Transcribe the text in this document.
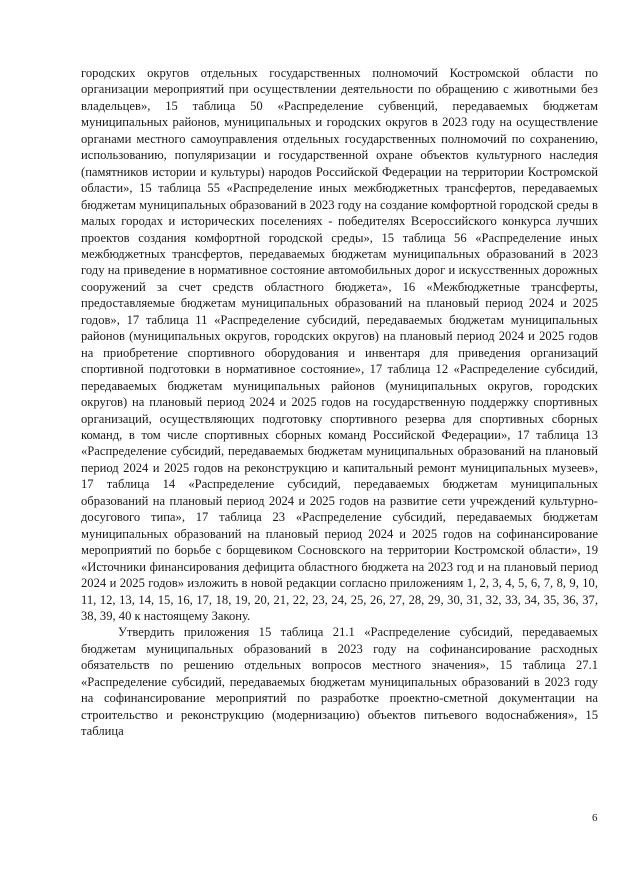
городских округов отдельных государственных полномочий Костромской области по организации мероприятий при осуществлении деятельности по обращению с животными без владельцев», 15 таблица 50 «Распределение субвенций, передаваемых бюджетам муниципальных районов, муниципальных и городских округов в 2023 году на осуществление органами местного самоуправления отдельных государственных полномочий по сохранению, использованию, популяризации и государственной охране объектов культурного наследия (памятников истории и культуры) народов Российской Федерации на территории Костромской области», 15 таблица 55 «Распределение иных межбюджетных трансфертов, передаваемых бюджетам муниципальных образований в 2023 году на создание комфортной городской среды в малых городах и исторических поселениях - победителях Всероссийского конкурса лучших проектов создания комфортной городской среды», 15 таблица 56 «Распределение иных межбюджетных трансфертов, передаваемых бюджетам муниципальных образований в 2023 году на приведение в нормативное состояние автомобильных дорог и искусственных дорожных сооружений за счет средств областного бюджета», 16 «Межбюджетные трансферты, предоставляемые бюджетам муниципальных образований на плановый период 2024 и 2025 годов», 17 таблица 11 «Распределение субсидий, передаваемых бюджетам муниципальных районов (муниципальных округов, городских округов) на плановый период 2024 и 2025 годов на приобретение спортивного оборудования и инвентаря для приведения организаций спортивной подготовки в нормативное состояние», 17 таблица 12 «Распределение субсидий, передаваемых бюджетам муниципальных районов (муниципальных округов, городских округов) на плановый период 2024 и 2025 годов на государственную поддержку спортивных организаций, осуществляющих подготовку спортивного резерва для спортивных сборных команд, в том числе спортивных сборных команд Российской Федерации», 17 таблица 13 «Распределение субсидий, передаваемых бюджетам муниципальных образований на плановый период 2024 и 2025 годов на реконструкцию и капитальный ремонт муниципальных музеев», 17 таблица 14 «Распределение субсидий, передаваемых бюджетам муниципальных образований на плановый период 2024 и 2025 годов на развитие сети учреждений культурно-досугового типа», 17 таблица 23 «Распределение субсидий, передаваемых бюджетам муниципальных образований на плановый период 2024 и 2025 годов на софинансирование мероприятий по борьбе с борщевиком Сосновского на территории Костромской области», 19 «Источники финансирования дефицита областного бюджета на 2023 год и на плановый период 2024 и 2025 годов» изложить в новой редакции согласно приложениям 1, 2, 3, 4, 5, 6, 7, 8, 9, 10, 11, 12, 13, 14, 15, 16, 17, 18, 19, 20, 21, 22, 23, 24, 25, 26, 27, 28, 29, 30, 31, 32, 33, 34, 35, 36, 37, 38, 39, 40 к настоящему Закону.

Утвердить приложения 15 таблица 21.1 «Распределение субсидий, передаваемых бюджетам муниципальных образований в 2023 году на софинансирование расходных обязательств по решению отдельных вопросов местного значения», 15 таблица 27.1 «Распределение субсидий, передаваемых бюджетам муниципальных образований в 2023 году на софинансирование мероприятий по разработке проектно-сметной документации на строительство и реконструкцию (модернизацию) объектов питьевого водоснабжения», 15 таблица

6
